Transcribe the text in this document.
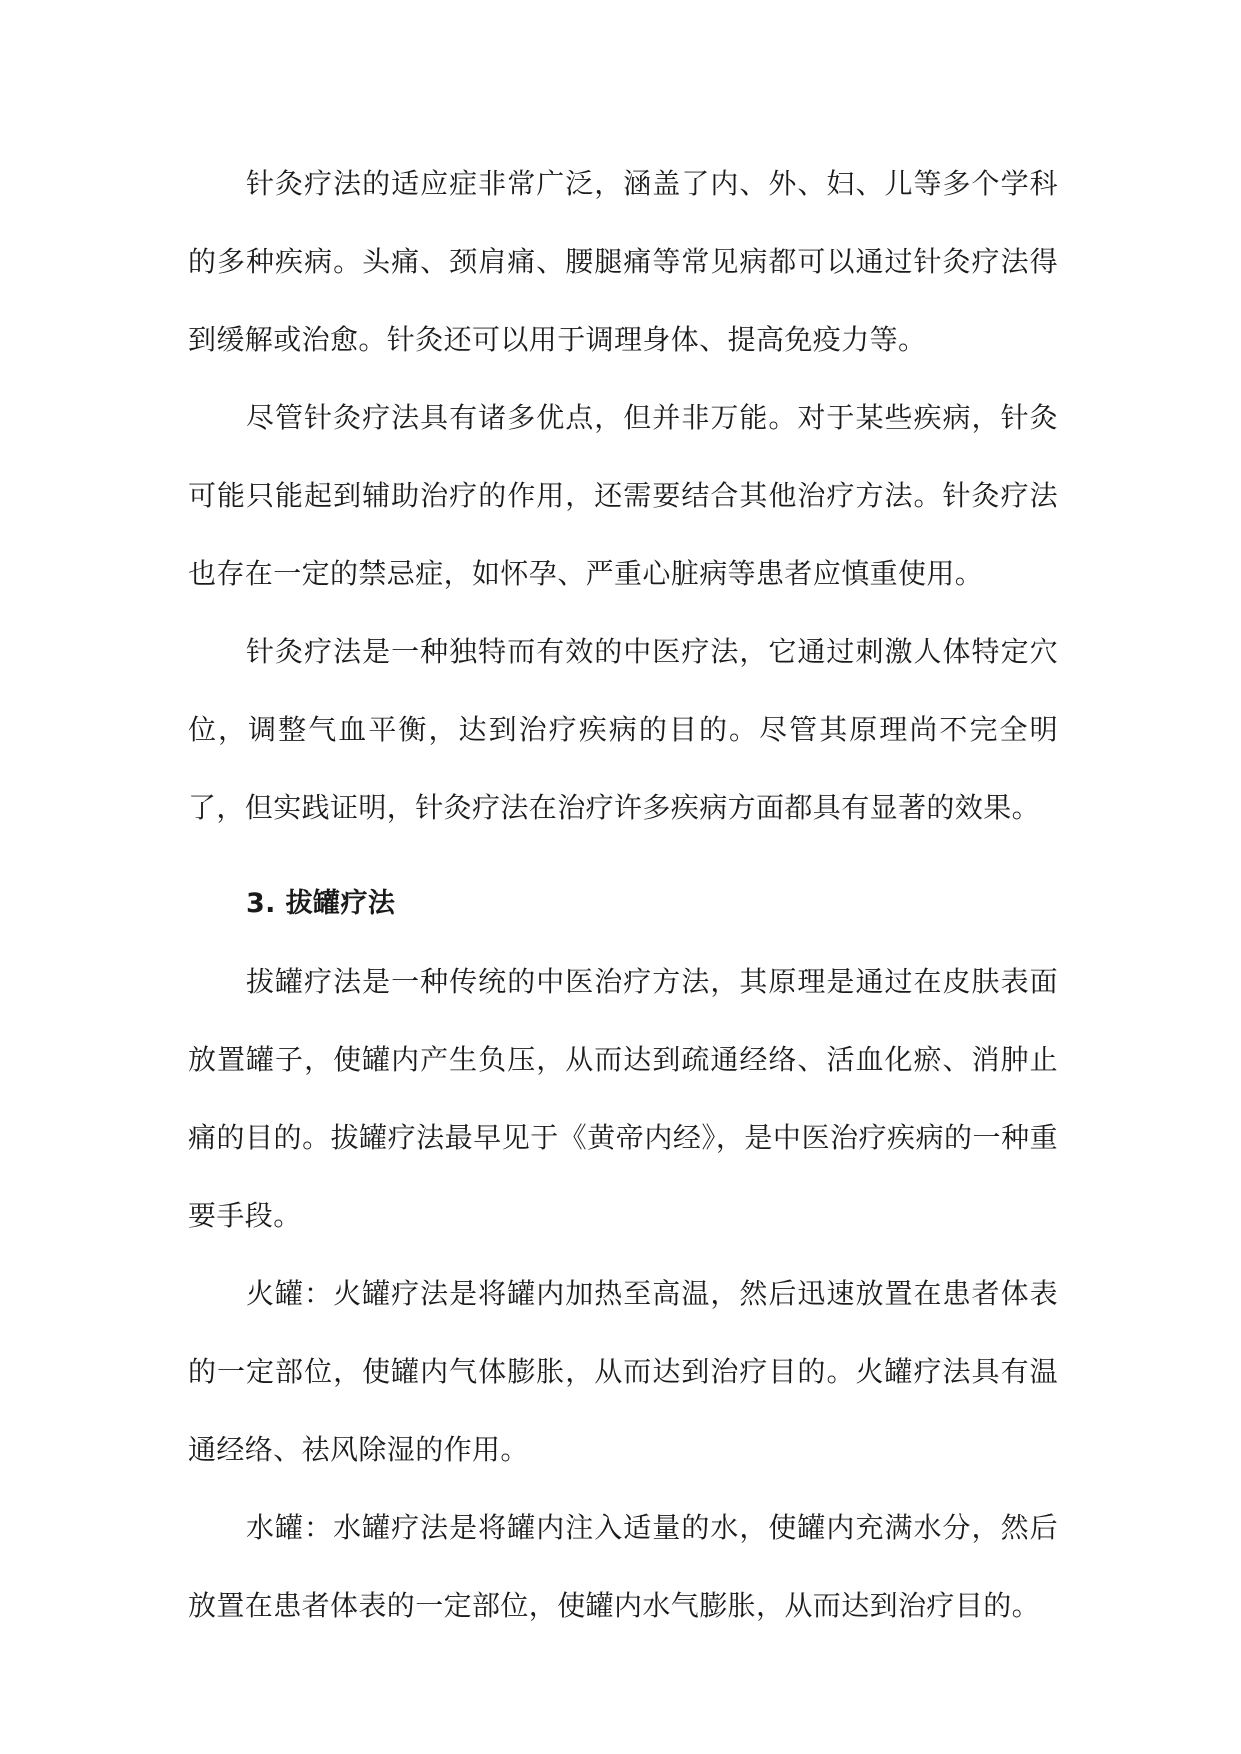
针灸疗法的适应症非常广泛，涵盖了内、外、妇、儿等多个学科的多种疾病。头痛、颈肩痛、腰腿痛等常见病都可以通过针灸疗法得到缓解或治愈。针灸还可以用于调理身体、提高免疫力等。

尽管针灸疗法具有诸多优点，但并非万能。对于某些疾病，针灸可能只能起到辅助治疗的作用，还需要结合其他治疗方法。针灸疗法也存在一定的禁忌症，如怀孕、严重心脏病等患者应慎重使用。

针灸疗法是一种独特而有效的中医疗法，它通过刺激人体特定穴位，调整气血平衡，达到治疗疾病的目的。尽管其原理尚不完全明了，但实践证明，针灸疗法在治疗许多疾病方面都具有显著的效果。

3. 拔罐疗法

拔罐疗法是一种传统的中医治疗方法，其原理是通过在皮肤表面放置罐子，使罐内产生负压，从而达到疏通经络、活血化瘀、消肿止痛的目的。拔罐疗法最早见于《黄帝内经》，是中医治疗疾病的一种重要手段。

火罐：火罐疗法是将罐内加热至高温，然后迅速放置在患者体表的一定部位，使罐内气体膨胀，从而达到治疗目的。火罐疗法具有温通经络、祛风除湿的作用。

水罐：水罐疗法是将罐内注入适量的水，使罐内充满水分，然后放置在患者体表的一定部位，使罐内水气膨胀，从而达到治疗目的。
